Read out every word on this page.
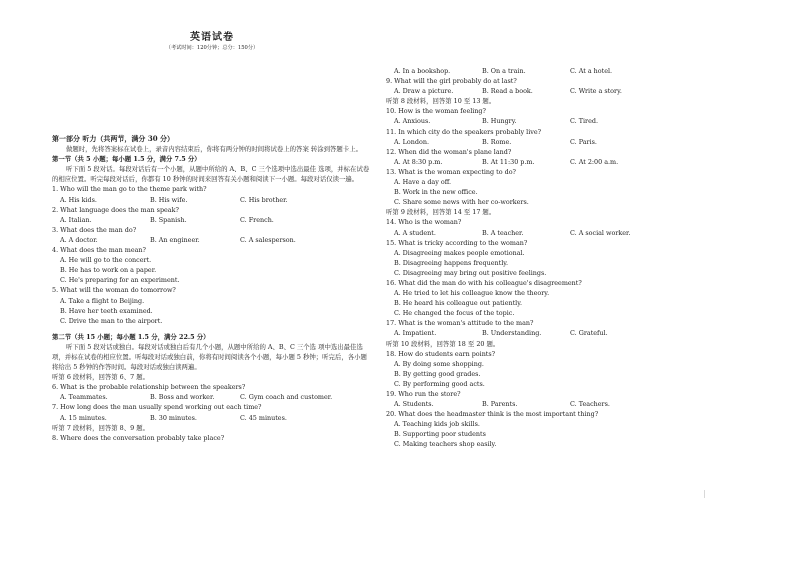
英语试卷
（考试时间：120分钟；总分：150分）
第一部分 听力（共两节，满分 30 分）
做题时，先将答案标在试卷上，录音内容结束后，你将有两分钟的时间将试卷上的答案 转涂到答题卡上。
第一节（共 5 小题；每小题 1.5 分，满分 7.5 分）
听下面 5 段对话。每段对话后有一个小题，从题中所给的 A、B、C 三个选项中选出最佳 选项，并标在试卷的相应位置。听完每段对话后，你都有 10 秒钟的时间来回答有关小题和阅读下一小题。每段对话仅读一遍。
1. Who will the man go to the theme park with?
A. His kids.	B. His wife.	C. His brother.
2. What language does the man speak?
A. Italian.	B. Spanish.	C. French.
3. What does the man do?
A. A doctor.	B. An engineer.	C. A salesperson.
4. What does the man mean?
A. He will go to the concert.
B. He has to work on a paper.
C. He's preparing for an experiment.
5. What will the woman do tomorrow?
A. Take a flight to Beijing.
B. Have her teeth examined.
C. Drive the man to the airport.
第二节（共 15 小题；每小题 1.5 分，满分 22.5 分）
听下面 5 段对话或独白。每段对话或独白后有几个小题，从题中所给的 A、B、C 三个选 项中选出最佳选项，并标在试卷的相应位置。听每段对话或独白前，你将有时间阅读各个小题，每小题 5 秒钟；听完后，各小题将给出 5 秒钟的作答时间。每段对话或独白读两遍。
听第 6 段材料，回答第 6、7 题。
6. What is the probable relationship between the speakers?
A. Teammates.	B. Boss and worker.	C. Gym coach and customer.
7. How long does the man usually spend working out each time?
A. 15 minutes.	B. 30 minutes.	C. 45 minutes.
听第 7 段材料，回答第 8、9 题。
8. Where does the conversation probably take place?
A. In a bookshop.	B. On a train.	C. At a hotel.
9. What will the girl probably do at last?
A. Draw a picture.	B. Read a book.	C. Write a story.
听第 8 段材料，回答第 10 至 13 题。
10. How is the woman feeling?
A. Anxious.	B. Hungry.	C. Tired.
11. In which city do the speakers probably live?
A. London.	B. Rome.	C. Paris.
12. When did the woman's plane land?
A. At 8:30 p.m.	B. At 11:30 p.m.	C. At 2:00 a.m.
13. What is the woman expecting to do?
A. Have a day off.
B. Work in the new office.
C. Share some news with her co-workers.
听第 9 段材料，回答第 14 至 17 题。
14. Who is the woman?
A. A student.	B. A teacher.	C. A social worker.
15. What is tricky according to the woman?
A. Disagreeing makes people emotional.
B. Disagreeing happens frequently.
C. Disagreeing may bring out positive feelings.
16. What did the man do with his colleague's disagreement?
A. He tried to let his colleague know the theory.
B. He heard his colleague out patiently.
C. He changed the focus of the topic.
17. What is the woman's attitude to the man?
A. Impatient.	B. Understanding.	C. Grateful.
听第 10 段材料，回答第 18 至 20 题。
18. How do students earn points?
A. By doing some shopping.
B. By getting good grades.
C. By performing good acts.
19. Who run the store?
A. Students.	B. Parents.	C. Teachers.
20. What does the headmaster think is the most important thing?
A. Teaching kids job skills.
B. Supporting poor students
C. Making teachers shop easily.
